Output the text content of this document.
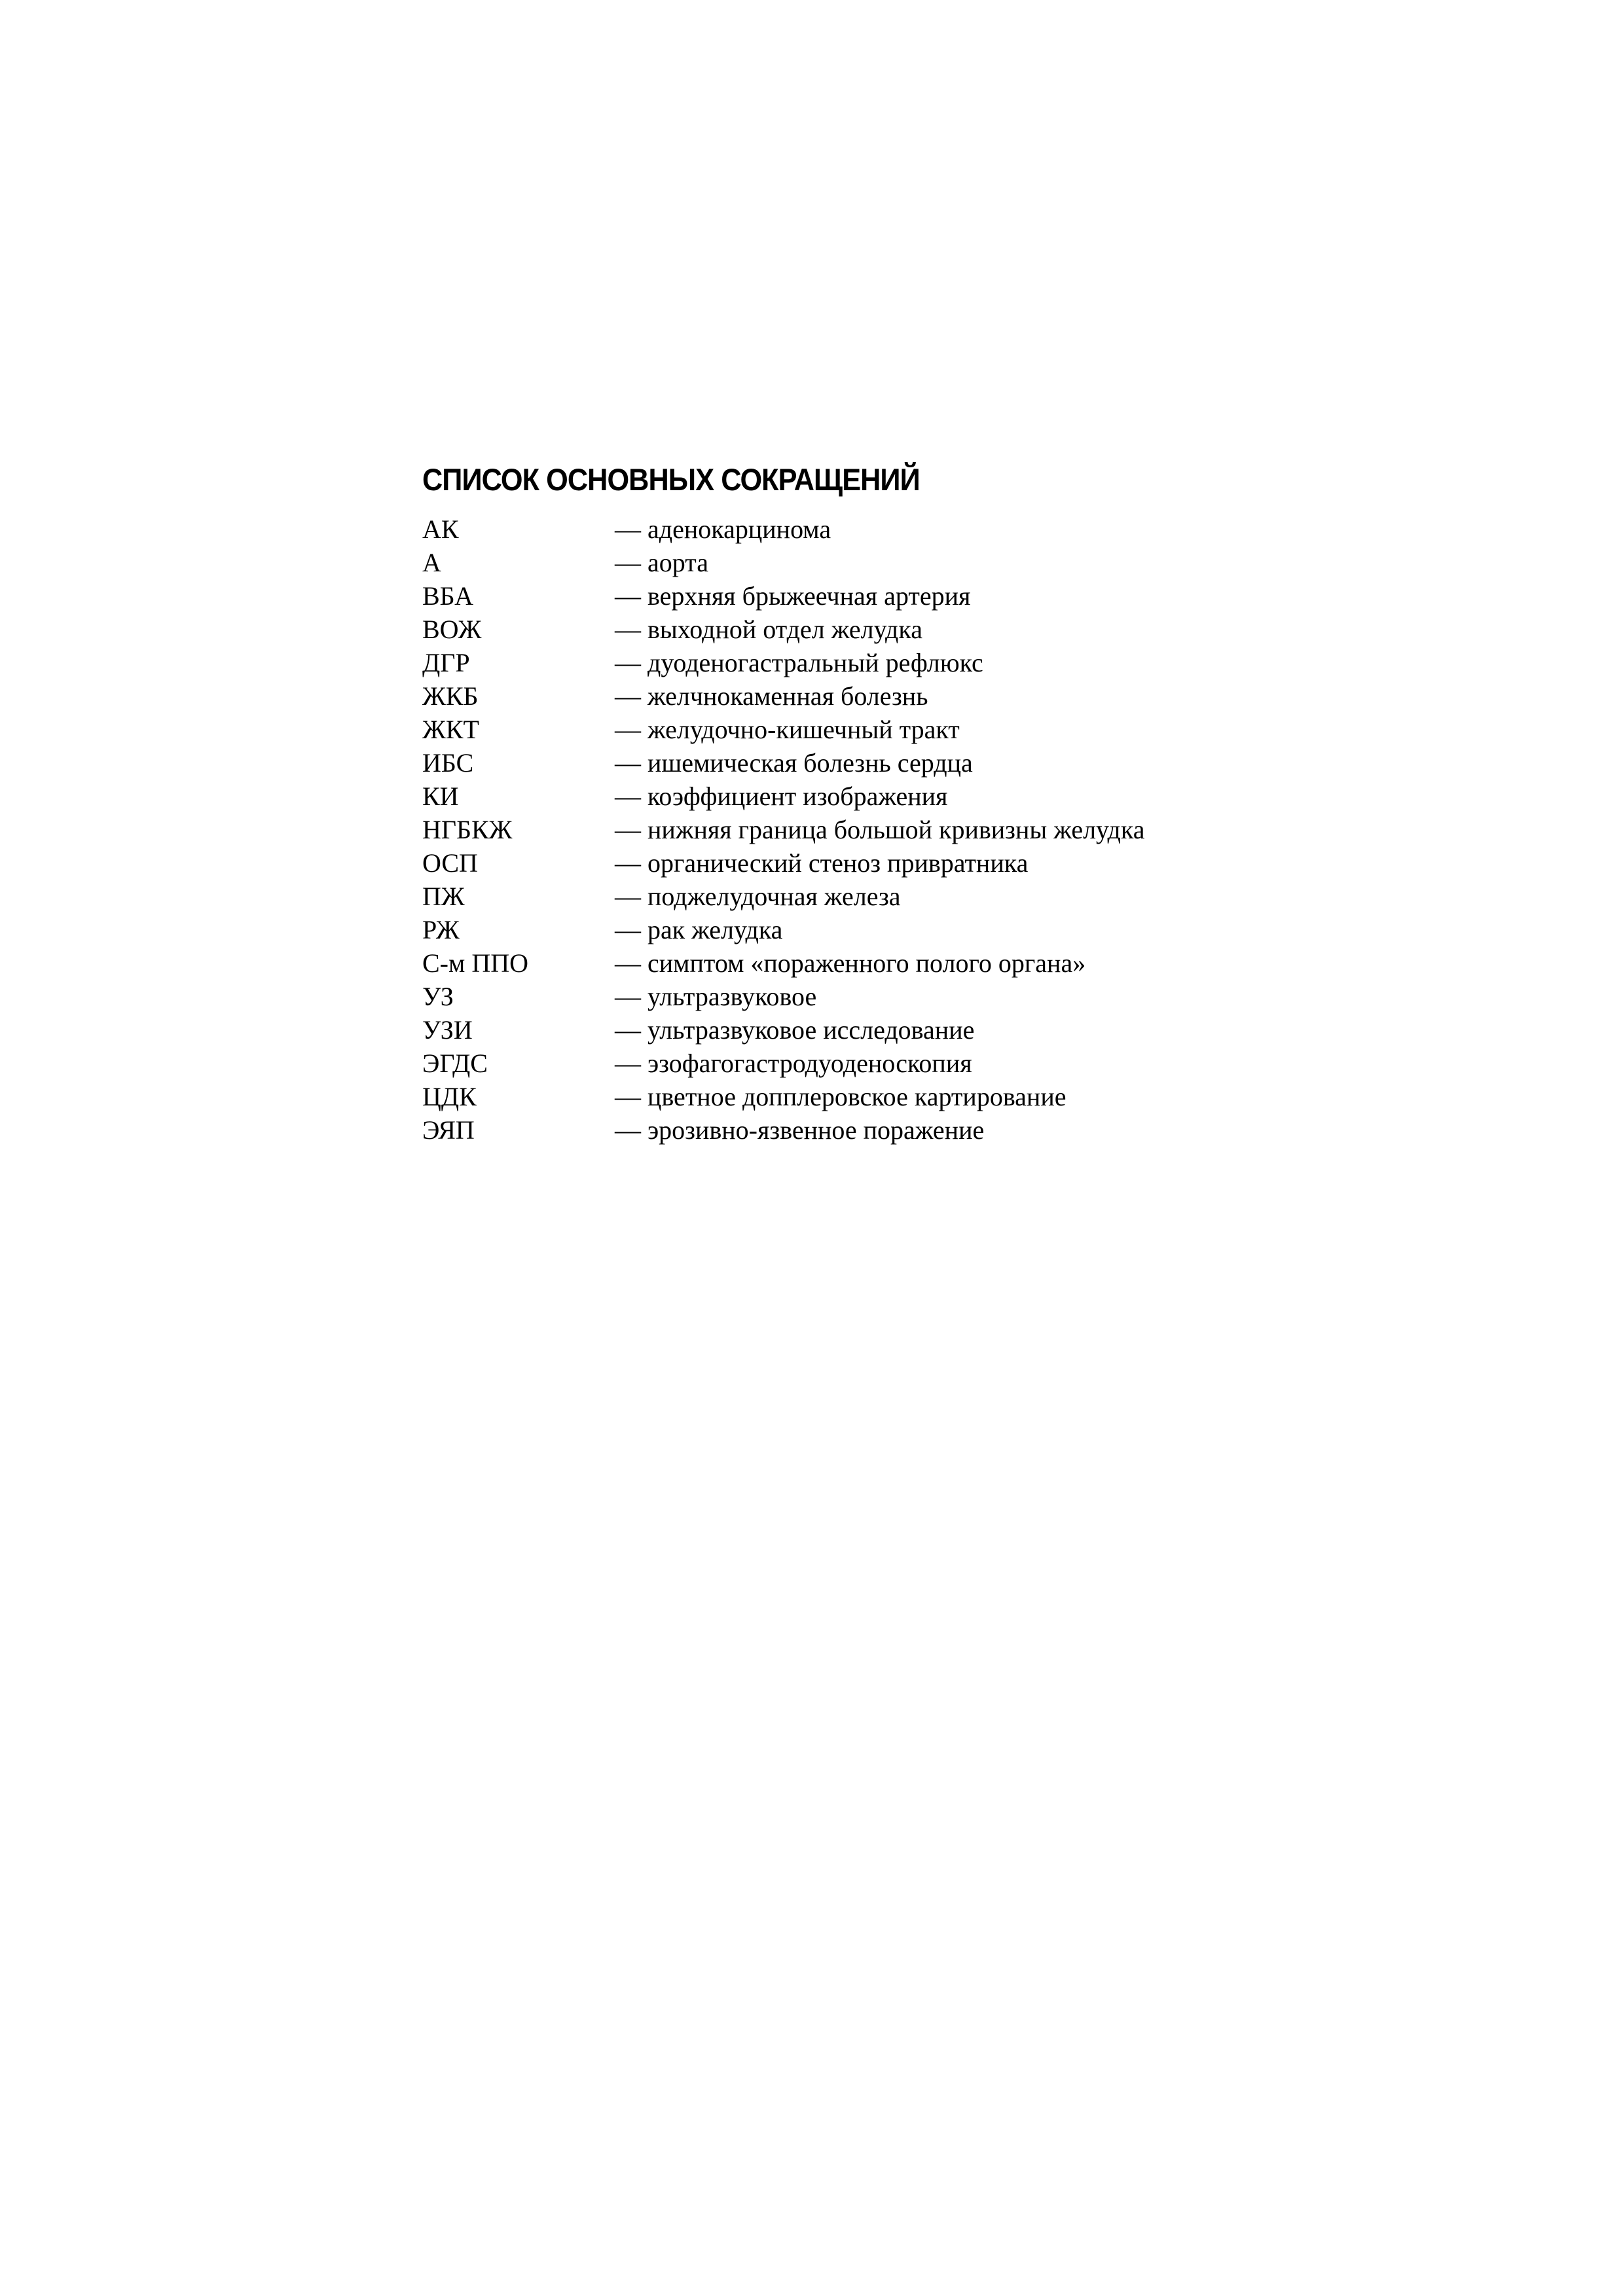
СПИСОК ОСНОВНЫХ СОКРАЩЕНИЙ
АК	— аденокарцинома
А	— аорта
ВБА	— верхняя брыжеечная артерия
ВОЖ	— выходной отдел желудка
ДГР	— дуоденогастральный рефлюкс
ЖКБ	— желчнокаменная болезнь
ЖКТ	— желудочно-кишечный тракт
ИБС	— ишемическая болезнь сердца
КИ	— коэффициент изображения
НГБКЖ	— нижняя граница большой кривизны желудка
ОСП	— органический стеноз привратника
ПЖ	— поджелудочная железа
РЖ	— рак желудка
С-м ППО	— симптом «пораженного полого органа»
УЗ	— ультразвуковое
УЗИ	— ультразвуковое исследование
ЭГДС	— эзофагогастродуоденоскопия
ЦДК	— цветное допплеровское картирование
ЭЯП	— эрозивно-язвенное поражение
